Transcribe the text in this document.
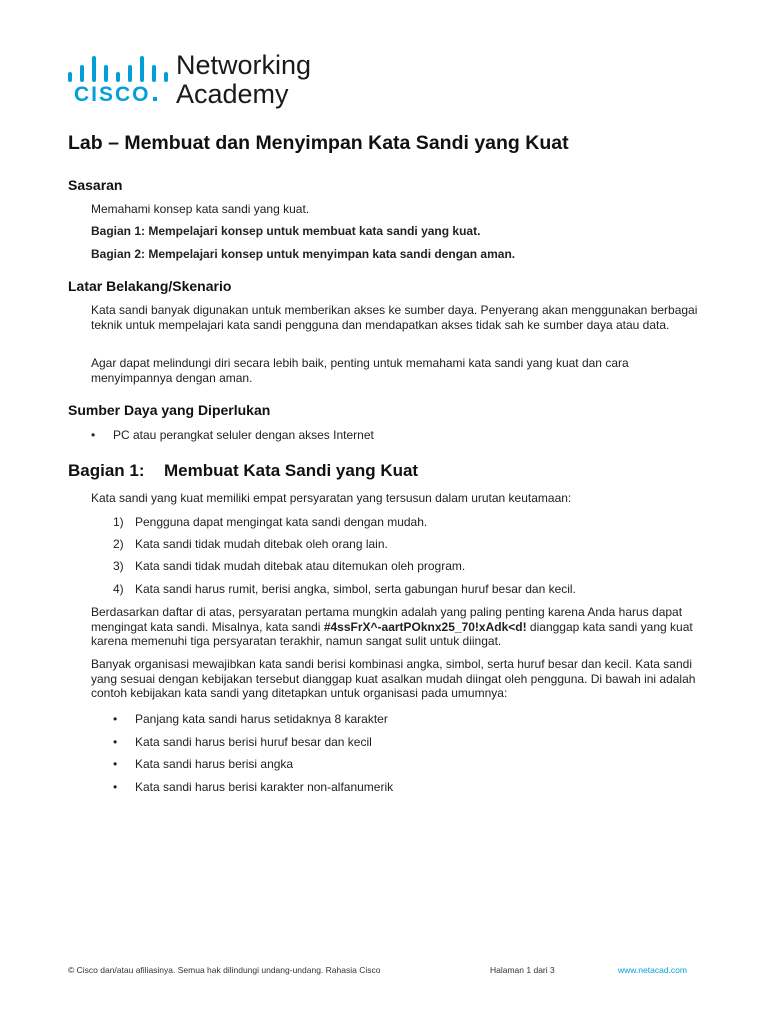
CISCO
Networking
Academy
Lab – Membuat dan Menyimpan Kata Sandi yang Kuat
Sasaran
Memahami konsep kata sandi yang kuat.
Bagian 1: Mempelajari konsep untuk membuat kata sandi yang kuat.
Bagian 2: Mempelajari konsep untuk menyimpan kata sandi dengan aman.
Latar Belakang/Skenario
Kata sandi banyak digunakan untuk memberikan akses ke sumber daya. Penyerang akan menggunakan berbagai teknik untuk mempelajari kata sandi pengguna dan mendapatkan akses tidak sah ke sumber daya atau data.
Agar dapat melindungi diri secara lebih baik, penting untuk memahami kata sandi yang kuat dan cara menyimpannya dengan aman.
Sumber Daya yang Diperlukan
• PC atau perangkat seluler dengan akses Internet
Bagian 1: Membuat Kata Sandi yang Kuat
Kata sandi yang kuat memiliki empat persyaratan yang tersusun dalam urutan keutamaan:
1) Pengguna dapat mengingat kata sandi dengan mudah.
2) Kata sandi tidak mudah ditebak oleh orang lain.
3) Kata sandi tidak mudah ditebak atau ditemukan oleh program.
4) Kata sandi harus rumit, berisi angka, simbol, serta gabungan huruf besar dan kecil.
Berdasarkan daftar di atas, persyaratan pertama mungkin adalah yang paling penting karena Anda harus dapat mengingat kata sandi. Misalnya, kata sandi #4ssFrX^-aartPOknx25_70!xAdk<d! dianggap kata sandi yang kuat karena memenuhi tiga persyaratan terakhir, namun sangat sulit untuk diingat.
Banyak organisasi mewajibkan kata sandi berisi kombinasi angka, simbol, serta huruf besar dan kecil. Kata sandi yang sesuai dengan kebijakan tersebut dianggap kuat asalkan mudah diingat oleh pengguna. Di bawah ini adalah contoh kebijakan kata sandi yang ditetapkan untuk organisasi pada umumnya:
• Panjang kata sandi harus setidaknya 8 karakter
• Kata sandi harus berisi huruf besar dan kecil
• Kata sandi harus berisi angka
• Kata sandi harus berisi karakter non-alfanumerik
© Cisco dan/atau afiliasinya. Semua hak dilindungi undang-undang. Rahasia Cisco	Halaman 1 dari 3	www.netacad.com
